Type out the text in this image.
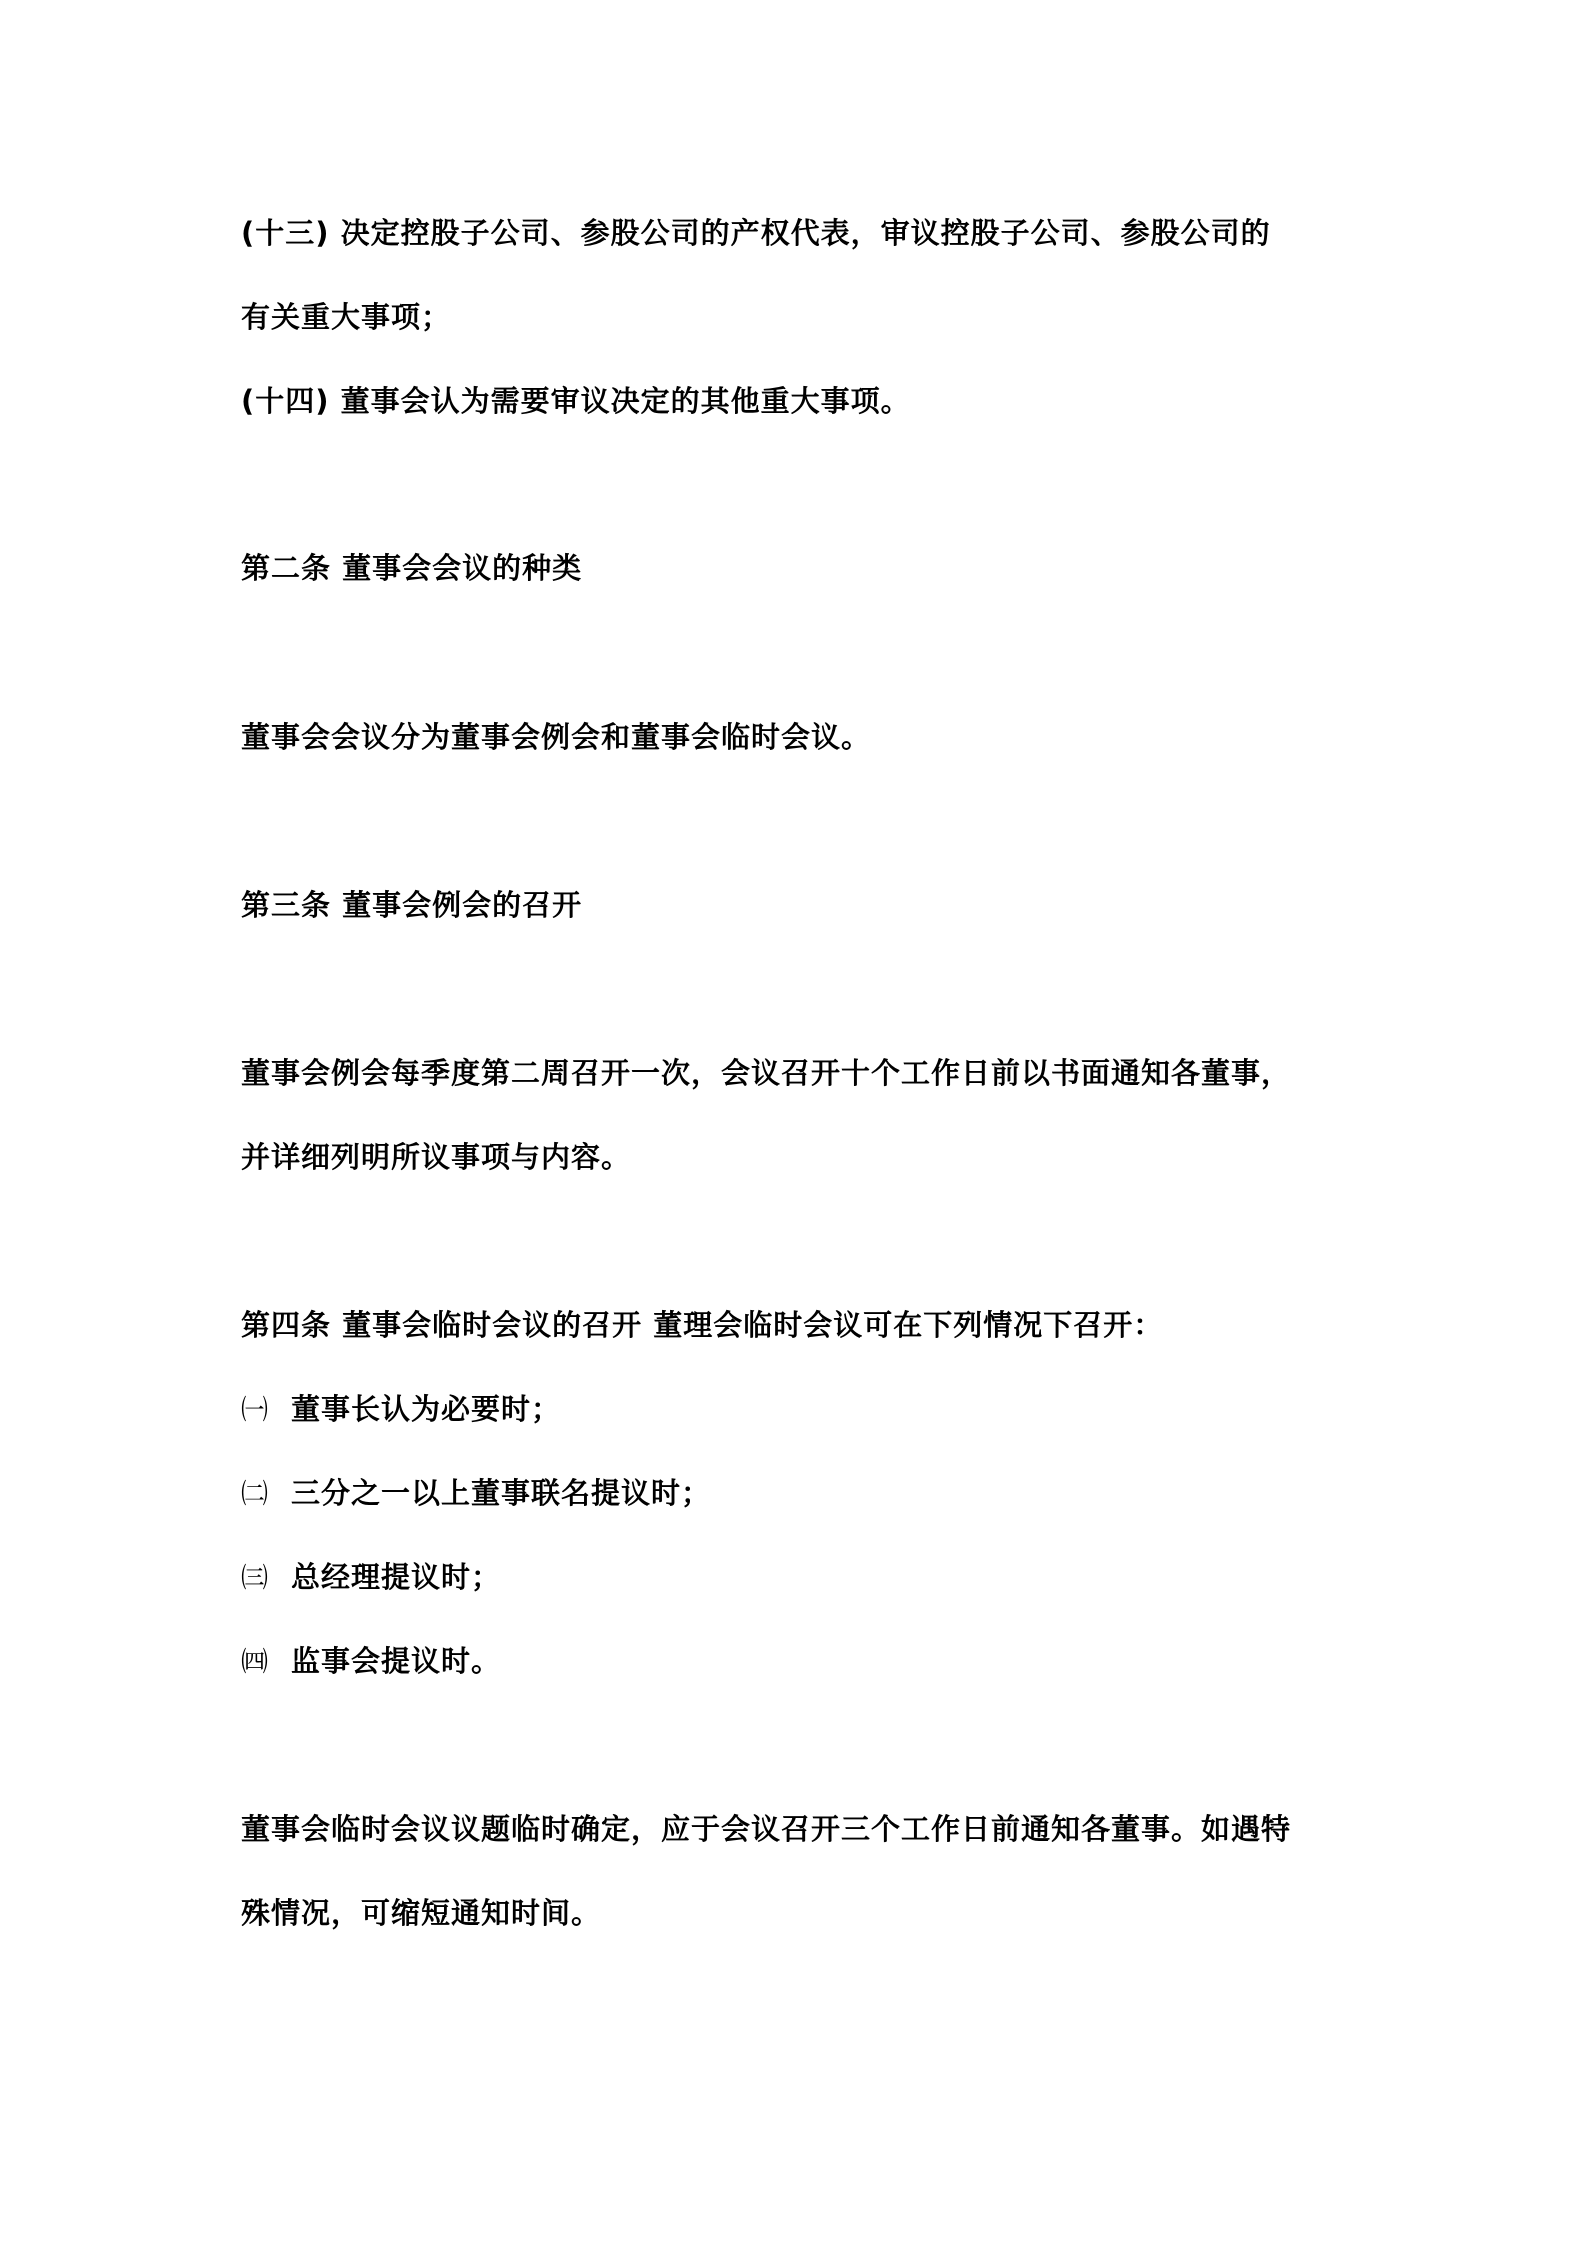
(十三) 决定控股子公司、参股公司的产权代表，审议控股子公司、参股公司的
有关重大事项；
(十四) 董事会认为需要审议决定的其他重大事项。
第二条 董事会会议的种类
董事会会议分为董事会例会和董事会临时会议。
第三条 董事会例会的召开
董事会例会每季度第二周召开一次，会议召开十个工作日前以书面通知各董事，
并详细列明所议事项与内容。
第四条 董事会临时会议的召开 董理会临时会议可在下列情况下召开：
㈠ 董事长认为必要时；
㈡ 三分之一以上董事联名提议时；
㈢ 总经理提议时；
㈣ 监事会提议时。
董事会临时会议议题临时确定，应于会议召开三个工作日前通知各董事。如遇特
殊情况，可缩短通知时间。
